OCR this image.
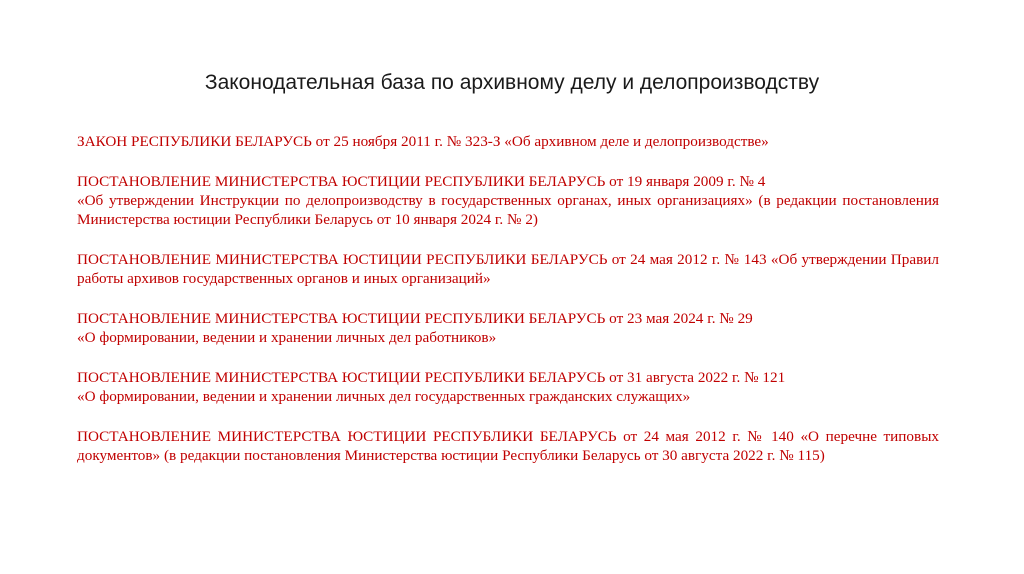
Законодательная база по архивному делу и делопроизводству

ЗАКОН РЕСПУБЛИКИ БЕЛАРУСЬ от 25 ноября 2011 г. № 323-З «Об архивном деле и делопроизводстве»

ПОСТАНОВЛЕНИЕ МИНИСТЕРСТВА ЮСТИЦИИ РЕСПУБЛИКИ БЕЛАРУСЬ от 19 января 2009 г. № 4
«Об утверждении Инструкции по делопроизводству в государственных органах, иных организациях» (в редакции постановления Министерства юстиции Республики Беларусь от 10 января 2024 г. № 2)

ПОСТАНОВЛЕНИЕ МИНИСТЕРСТВА ЮСТИЦИИ РЕСПУБЛИКИ БЕЛАРУСЬ от 24 мая 2012 г. № 143 «Об утверждении Правил работы архивов государственных органов и иных организаций»

ПОСТАНОВЛЕНИЕ МИНИСТЕРСТВА ЮСТИЦИИ РЕСПУБЛИКИ БЕЛАРУСЬ от 23 мая 2024 г. № 29
«О формировании, ведении и хранении личных дел работников»

ПОСТАНОВЛЕНИЕ МИНИСТЕРСТВА ЮСТИЦИИ РЕСПУБЛИКИ БЕЛАРУСЬ от 31 августа 2022 г. № 121
«О формировании, ведении и хранении личных дел государственных гражданских служащих»

ПОСТАНОВЛЕНИЕ МИНИСТЕРСТВА ЮСТИЦИИ РЕСПУБЛИКИ БЕЛАРУСЬ от 24 мая 2012 г. № 140 «О перечне типовых документов» (в редакции постановления Министерства юстиции Республики Беларусь от 30 августа 2022 г. № 115)
